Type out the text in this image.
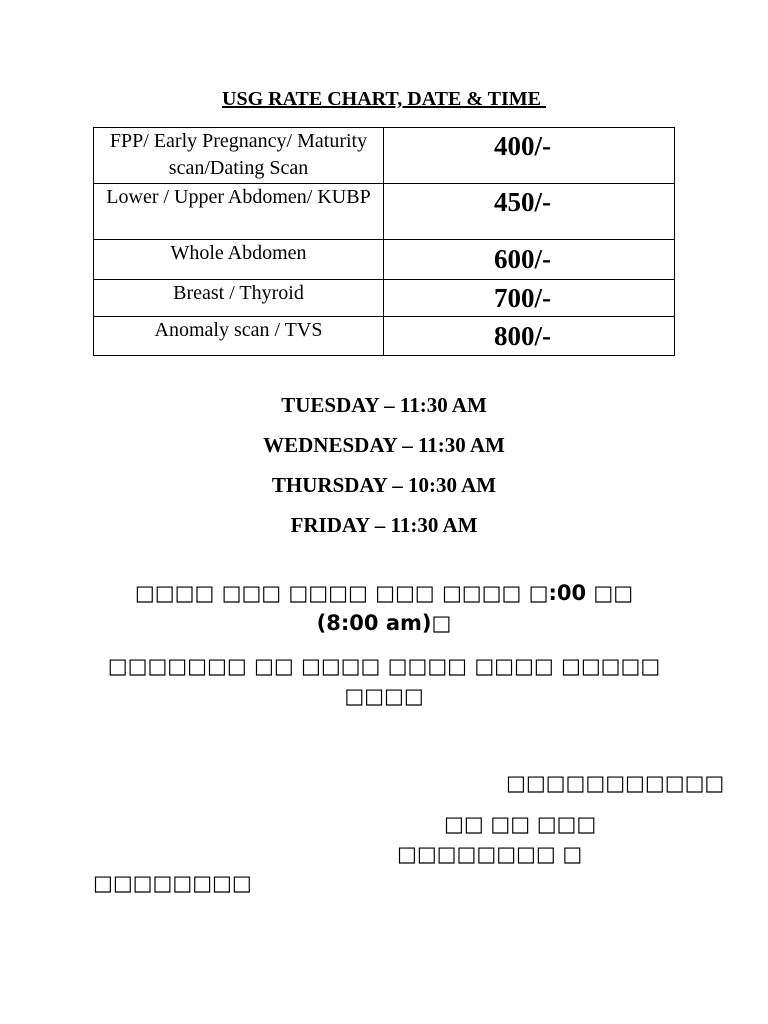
USG RATE CHART, DATE & TIME
FPP/ Early Pregnancy/ Maturity scan/Dating Scan	400/-
Lower / Upper Abdomen/ KUBP	450/-
Whole Abdomen	600/-
Breast / Thyroid	700/-
Anomaly scan / TVS	800/-
TUESDAY – 11:30 AM
WEDNESDAY – 11:30 AM
THURSDAY – 10:30 AM
FRIDAY – 11:30 AM
□□□□ □□□ □□□□ □□□ □□□□ □:00 □□ (8:00 am)□
□□□□□□□ □□ □□□□ □□□□ □□□□ □□□□□ □□□□
□□□□□□□□□□□
□□ □□ □□□
□□□□□□□□ □
□□□□□□□□
